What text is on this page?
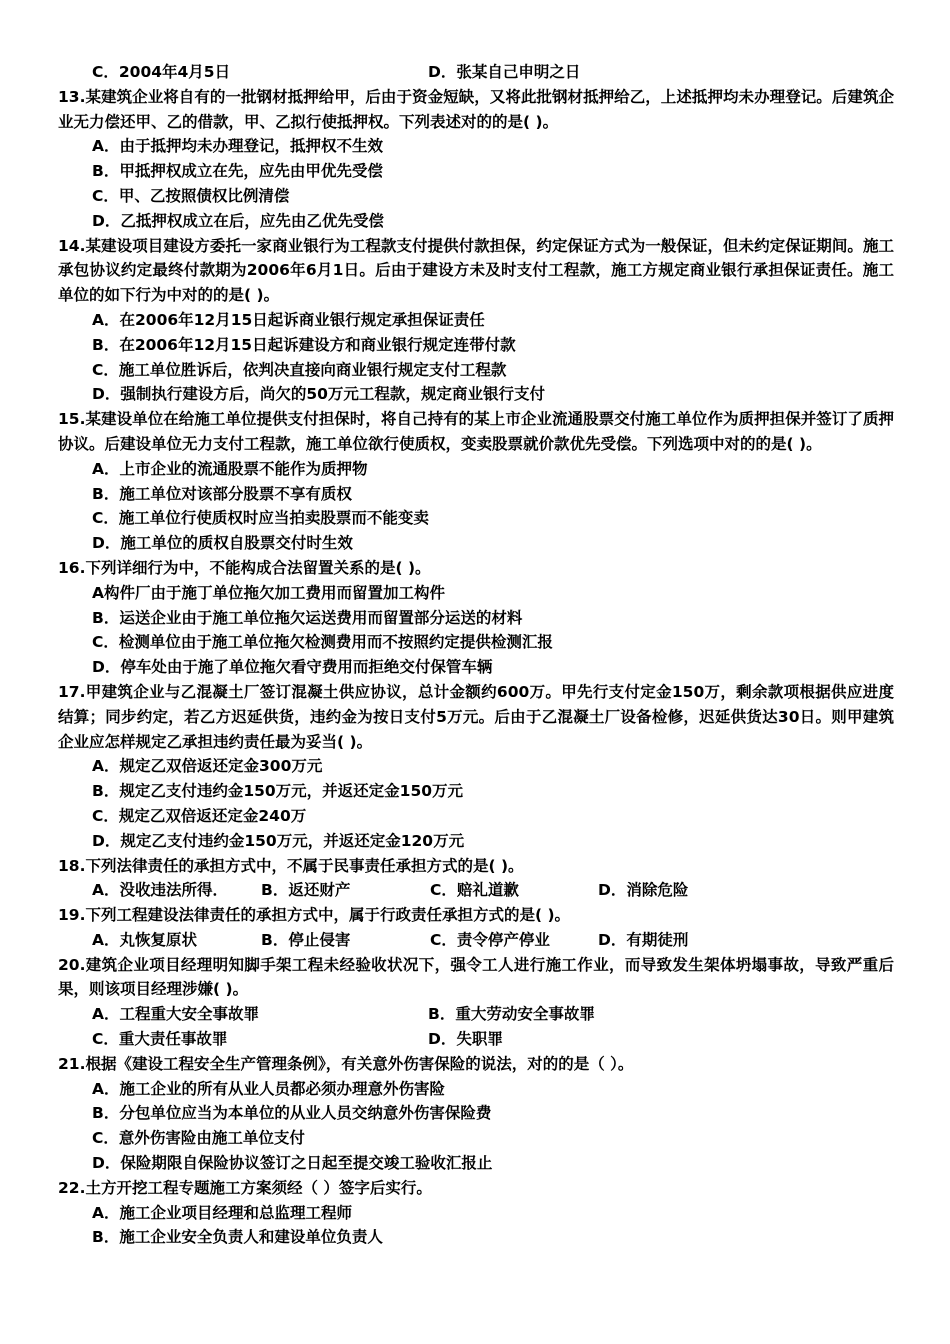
C．2004年4月5日	D．张某自己申明之日
13.某建筑企业将自有的一批钢材抵押给甲，后由于资金短缺，又将此批钢材抵押给乙，上述抵押均未办理登记。后建筑企业无力偿还甲、乙的借款，甲、乙拟行使抵押权。下列表述对的的是( )。
A．由于抵押均未办理登记，抵押权不生效
B．甲抵押权成立在先，应先由甲优先受偿
C．甲、乙按照债权比例清偿
D．乙抵押权成立在后，应先由乙优先受偿
14.某建设项目建设方委托一家商业银行为工程款支付提供付款担保，约定保证方式为一般保证，但未约定保证期间。施工承包协议约定最终付款期为2006年6月1日。后由于建设方未及时支付工程款，施工方规定商业银行承担保证责任。施工单位的如下行为中对的的是( )。
A．在2006年12月15日起诉商业银行规定承担保证责任
B．在2006年12月15日起诉建设方和商业银行规定连带付款
C．施工单位胜诉后，依判决直接向商业银行规定支付工程款
D．强制执行建设方后，尚欠的50万元工程款，规定商业银行支付
15.某建设单位在给施工单位提供支付担保时，将自己持有的某上市企业流通股票交付施工单位作为质押担保并签订了质押协议。后建设单位无力支付工程款，施工单位欲行使质权，变卖股票就价款优先受偿。下列选项中对的的是( )。
A．上市企业的流通股票不能作为质押物
B．施工单位对该部分股票不享有质权
C．施工单位行使质权时应当拍卖股票而不能变卖
D．施工单位的质权自股票交付时生效
16.下列详细行为中，不能构成合法留置关系的是( )。
A构件厂由于施丁单位拖欠加工费用而留置加工构件
B．运送企业由于施工单位拖欠运送费用而留置部分运送的材料
C．检测单位由于施工单位拖欠检测费用而不按照约定提供检测汇报
D．停车处由于施了单位拖欠看守费用而拒绝交付保管车辆
17.甲建筑企业与乙混凝土厂签订混凝土供应协议，总计金额约600万。甲先行支付定金150万，剩余款项根据供应进度结算；同步约定，若乙方迟延供货，违约金为按日支付5万元。后由于乙混凝土厂设备检修，迟延供货达30日。则甲建筑企业应怎样规定乙承担违约责任最为妥当( )。
A．规定乙双倍返还定金300万元
B．规定乙支付违约金150万元，并返还定金150万元
C．规定乙双倍返还定金240万
D．规定乙支付违约金150万元，并返还定金120万元
18.下列法律责任的承担方式中，不属于民事责任承担方式的是( )。
A．没收违法所得． B．返还财产	C．赔礼道歉	D．消除危险
19.下列工程建设法律责任的承担方式中，属于行政责任承担方式的是( )。
A．丸恢复原状	B．停止侵害	C．责令停产停业	D．有期徒刑
20.建筑企业项目经理明知脚手架工程未经验收状况下，强令工人进行施工作业，而导致发生架体坍塌事故，导致严重后果，则该项目经理涉嫌( )。
A．工程重大安全事故罪	B．重大劳动安全事故罪
C．重大责任事故罪	D．失职罪
21.根据《建设工程安全生产管理条例》，有关意外伤害保险的说法，对的的是（ ）。
A．施工企业的所有从业人员都必须办理意外伤害险
B．分包单位应当为本单位的从业人员交纳意外伤害保险费
C．意外伤害险由施工单位支付
D．保险期限自保险协议签订之日起至提交竣工验收汇报止
22.土方开挖工程专题施工方案须经（ ）签字后实行。
A．施工企业项目经理和总监理工程师
B．施工企业安全负责人和建设单位负责人
